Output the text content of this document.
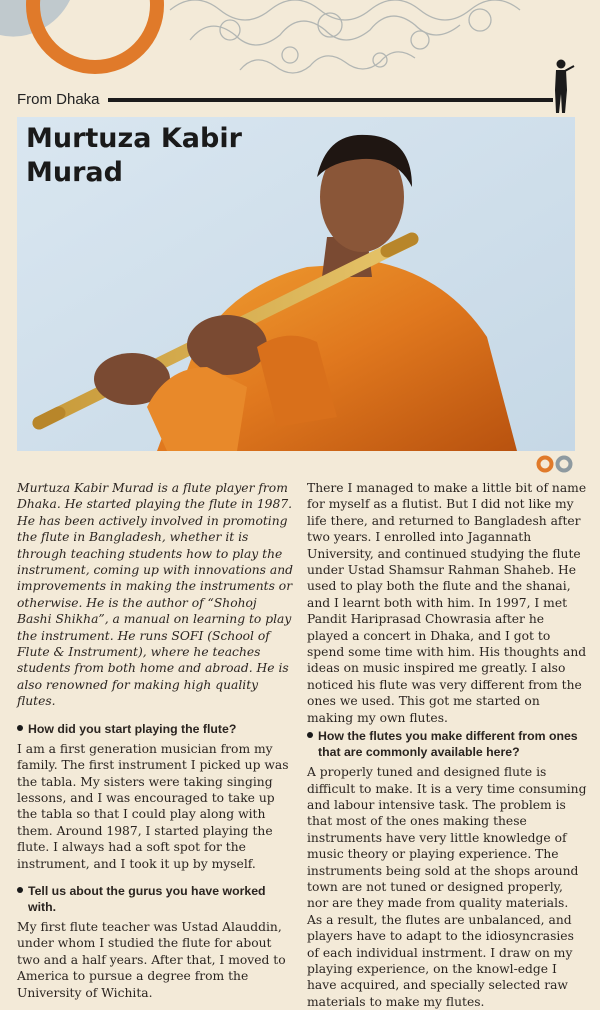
From Dhaka
Murtuza Kabir Murad

Murtuza Kabir Murad is a flute player from Dhaka. He started playing the flute in 1987. He has been actively involved in promoting the flute in Bangladesh, whether it is through teaching students how to play the instrument, coming up with innovations and improvements in making the instruments or otherwise. He is the author of “Shohoj Bashi Shikha”, a manual on learning to play the instrument. He runs SOFI (School of Flute & Instrument), where he teaches students from both home and abroad. He is also renowned for making high quality flutes.

How did you start playing the flute?

I am a first generation musician from my family. The first instrument I picked up was the tabla. My sisters were taking singing lessons, and I was encouraged to take up the tabla so that I could play along with them. Around 1987, I started playing the flute. I always had a soft spot for the instrument, and I took it up by myself.

Tell us about the gurus you have worked with.

My first flute teacher was Ustad Alauddin, under whom I studied the flute for about two and a half years. After that, I moved to America to pursue a degree from the University of Wichita.

There I managed to make a little bit of name for myself as a flutist. But I did not like my life there, and returned to Bangladesh after two years. I enrolled into Jagannath University, and continued studying the flute under Ustad Shamsur Rahman Shaheb. He used to play both the flute and the shanai, and I learnt both with him. In 1997, I met Pandit Hariprasad Chowrasia after he played a concert in Dhaka, and I got to spend some time with him. His thoughts and ideas on music inspired me greatly. I also noticed his flute was very different from the ones we used. This got me started on making my own flutes.

How the flutes you make different from ones that are commonly available here?

A properly tuned and designed flute is difficult to make. It is a very time consuming and labour intensive task. The problem is that most of the ones making these instruments have very little knowledge of music theory or playing experience. The instruments being sold at the shops around town are not tuned or designed properly, nor are they made from quality materials. As a result, the flutes are unbalanced, and players have to adapt to the idiosyncrasies of each individual instrment. I draw on my playing experience, on the knowl-edge I have acquired, and specially selected raw materials to make my flutes.
